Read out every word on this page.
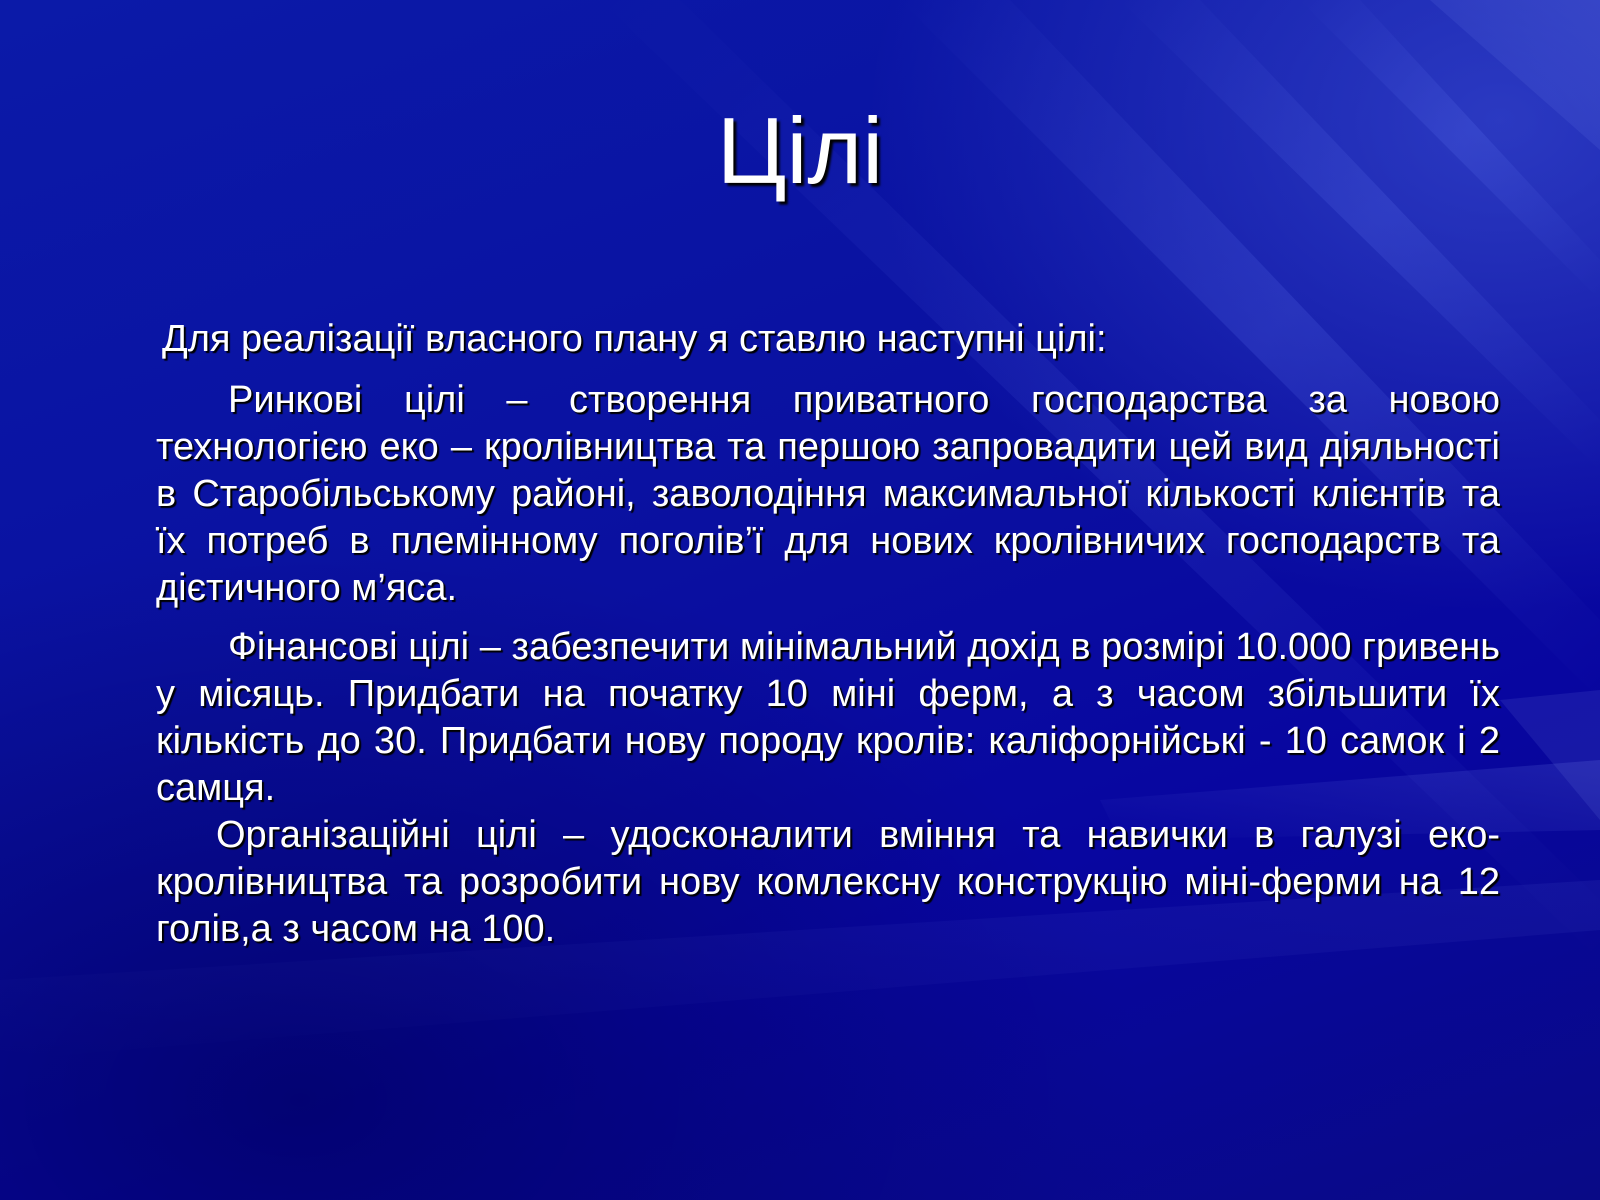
Цілі

Для реалізації власного плану я ставлю наступні цілі:

Ринкові цілі – створення приватного господарства за новою технологією еко – кролівництва та першою запровадити цей вид діяльності в Старобільському районі, заволодіння максимальної кількості клієнтів та їх потреб в племінному поголів’ї для нових кролівничих господарств та дієтичного м’яса.

Фінансові цілі – забезпечити мінімальний дохід в розмірі 10.000 гривень у місяць. Придбати на початку 10 міні ферм, а з часом збільшити їх кількість до 30. Придбати нову породу кролів: каліфорнійські - 10 самок і 2 самця.

Організаційні цілі – удосконалити вміння та навички в галузі еко-кролівництва та розробити нову комлексну конструкцію міні-ферми на 12 голів,а з часом на 100.
